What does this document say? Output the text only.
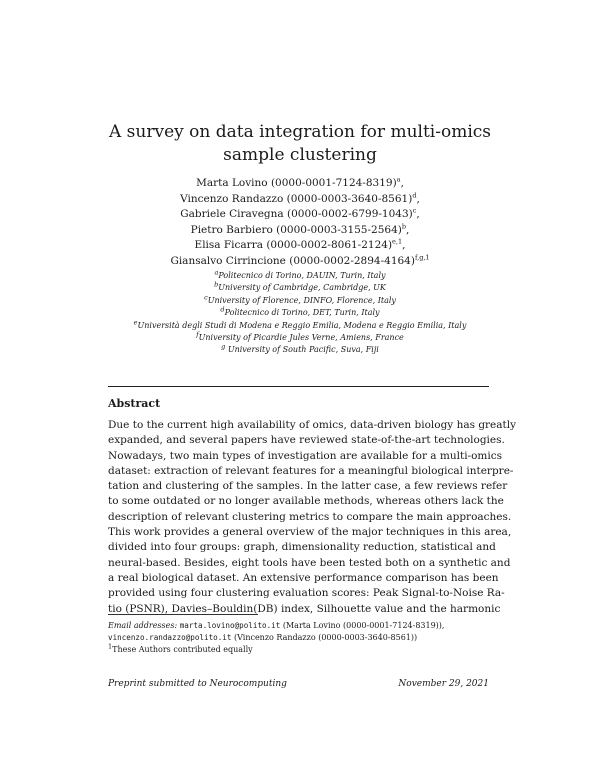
A survey on data integration for multi-omics
sample clustering
Marta Lovino $(0000-0001-7124-8319)^a$,
Vincenzo Randazzo $(0000-0003-3640-8561)^d$,
Gabriele Ciravegna $(0000-0002-6799-1043)^c$,
Pietro Barbiero $(0000-0003-3155-2564)^b$,
Elisa Ficarra $(0000-0002-8061-2124)^{e,1}$,
Giansalvo Cirrincione $(0000-0002-2894-4164)^{f,g,1}$
$^a$Politecnico di Torino, DAUIN, Turin, Italy
$^b$University of Cambridge, Cambridge, UK
$^c$University of Florence, DINFO, Florence, Italy
$^d$Politecnico di Torino, DET, Turin, Italy
$^e$Università degli Studi di Modena e Reggio Emilia, Modena e Reggio Emilia, Italy
$^f$University of Picardie Jules Verne, Amiens, France
$^g$ University of South Pacific, Suva, Fiji
Abstract
Due to the current high availability of omics, data-driven biology has greatly
expanded, and several papers have reviewed state-of-the-art technologies.
Nowadays, two main types of investigation are available for a multi-omics
dataset: extraction of relevant features for a meaningful biological interpre-
tation and clustering of the samples. In the latter case, a few reviews refer
to some outdated or no longer available methods, whereas others lack the
description of relevant clustering metrics to compare the main approaches.
This work provides a general overview of the major techniques in this area,
divided into four groups: graph, dimensionality reduction, statistical and
neural-based. Besides, eight tools have been tested both on a synthetic and
a real biological dataset. An extensive performance comparison has been
provided using four clustering evaluation scores: Peak Signal-to-Noise Ra-
tio (PSNR), Davies–Bouldin(DB) index, Silhouette value and the harmonic
Email addresses: marta.lovino@polito.it (Marta Lovino (0000-0001-7124-8319)),
vincenzo.randazzo@polito.it (Vincenzo Randazzo (0000-0003-3640-8561))
$^1$These Authors contributed equally
Preprint submitted to Neurocomputing	November 29, 2021
